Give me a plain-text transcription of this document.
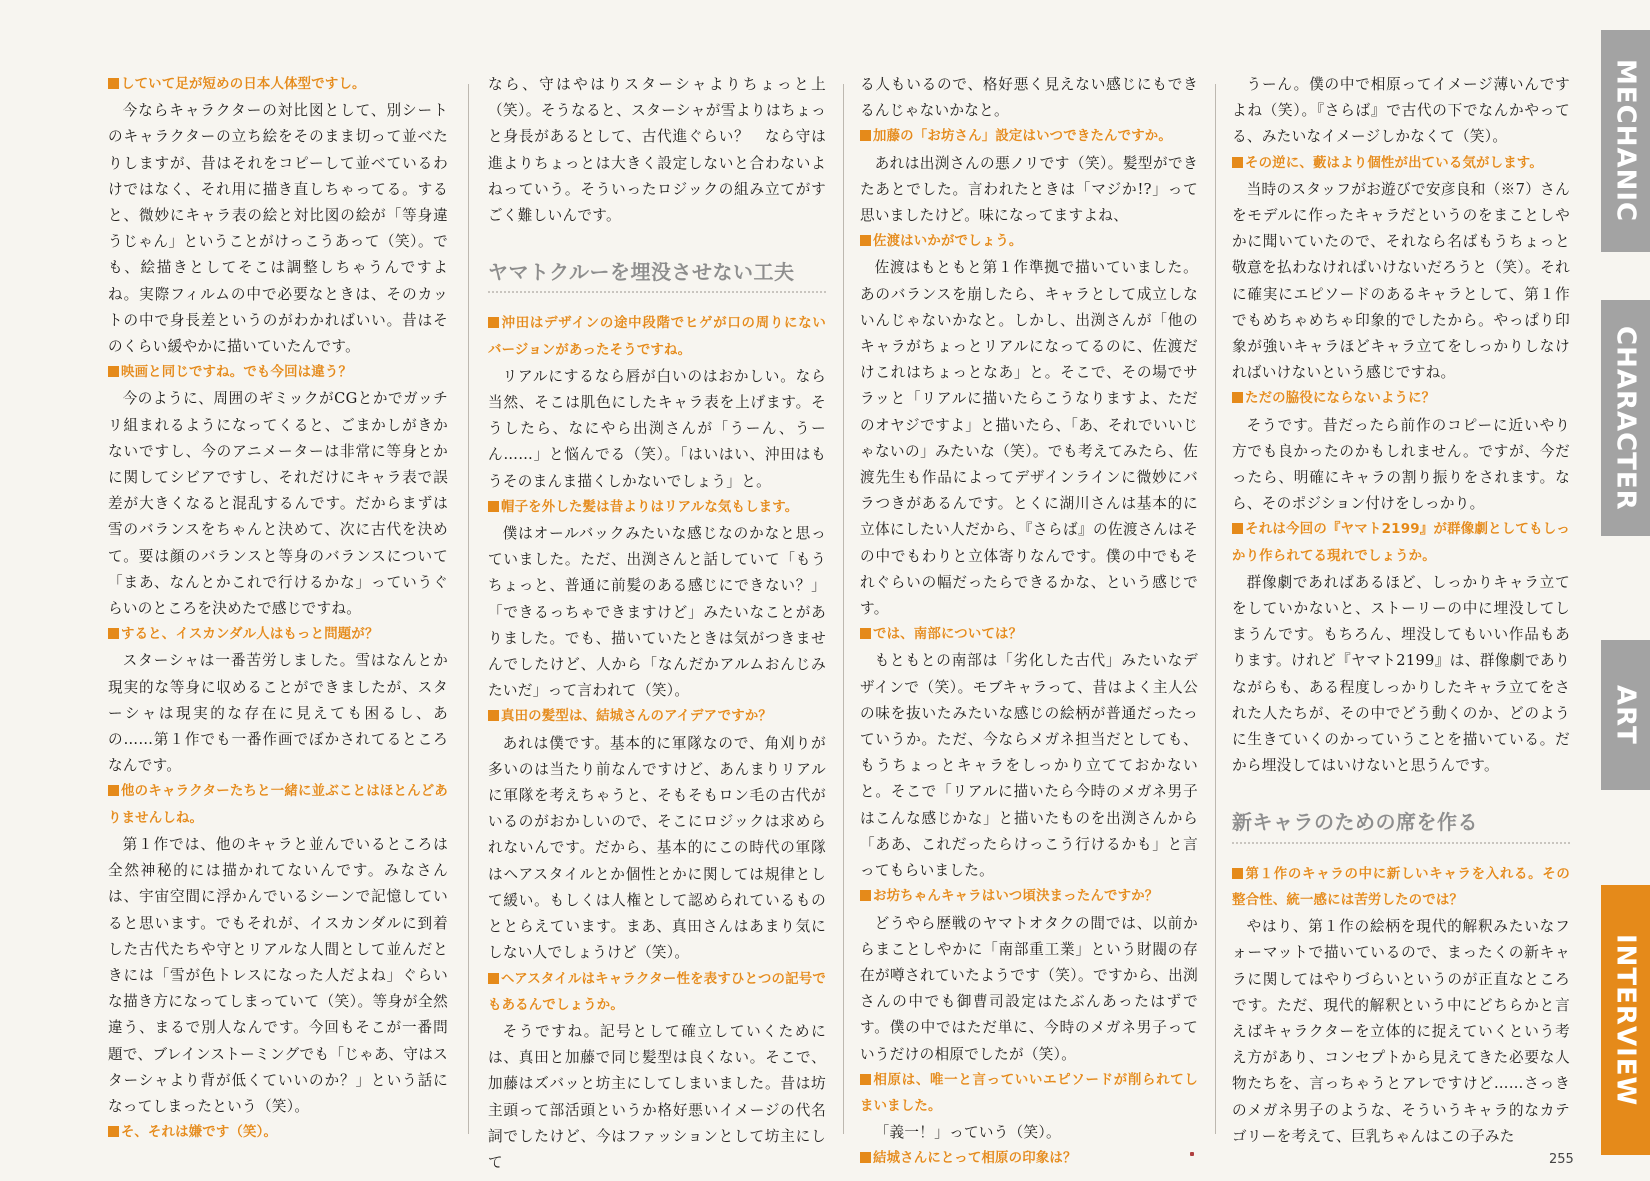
していて足が短めの日本人体型ですし。

今ならキャラクターの対比図として、別シートのキャラクターの立ち絵をそのまま切って並べたりしますが、昔はそれをコピーして並べているわけではなく、それ用に描き直しちゃってる。すると、微妙にキャラ表の絵と対比図の絵が「等身違うじゃん」ということがけっこうあって（笑）。でも、絵描きとしてそこは調整しちゃうんですよね。実際フィルムの中で必要なときは、そのカットの中で身長差というのがわかればいい。昔はそのくらい緩やかに描いていたんです。

映画と同じですね。でも今回は違う？

今のように、周囲のギミックがCGとかでガッチリ組まれるようになってくると、ごまかしがきかないですし、今のアニメーターは非常に等身とかに関してシビアですし、それだけにキャラ表で誤差が大きくなると混乱するんです。だからまずは雪のバランスをちゃんと決めて、次に古代を決めて。要は顔のバランスと等身のバランスについて「まあ、なんとかこれで行けるかな」っていうぐらいのところを決めたで感じですね。

すると、イスカンダル人はもっと問題が？

スターシャは一番苦労しました。雪はなんとか現実的な等身に収めることができましたが、スターシャは現実的な存在に見えても困るし、あの……第１作でも一番作画でぼかされてるところなんです。

他のキャラクターたちと一緒に並ぶことはほとんどありませんしね。

第１作では、他のキャラと並んでいるところは全然神秘的には描かれてないんです。みなさんは、宇宙空間に浮かんでいるシーンで記憶していると思います。でもそれが、イスカンダルに到着した古代たちや守とリアルな人間として並んだときには「雪が色トレスになった人だよね」ぐらいな描き方になってしまっていて（笑）。等身が全然違う、まるで別人なんです。今回もそこが一番問題で、ブレインストーミングでも「じゃあ、守はスターシャより背が低くていいのか？」という話になってしまったという（笑）。

そ、それは嫌です（笑）。

なら、守はやはりスターシャよりちょっと上（笑）。そうなると、スターシャが雪よりはちょっと身長があるとして、古代進ぐらい？　なら守は進よりちょっとは大きく設定しないと合わないよねっていう。そういったロジックの組み立てがすごく難しいんです。

ヤマトクルーを埋没させない工夫

沖田はデザインの途中段階でヒゲが口の周りにないバージョンがあったそうですね。

リアルにするなら唇が白いのはおかしい。なら当然、そこは肌色にしたキャラ表を上げます。そうしたら、なにやら出渕さんが「うーん、うーん……」と悩んでる（笑）。「はいはい、沖田はもうそのまんま描くしかないでしょう」と。

帽子を外した髪は昔よりはリアルな気もします。

僕はオールバックみたいな感じなのかなと思っていました。ただ、出渕さんと話していて「もうちょっと、普通に前髪のある感じにできない？」「できるっちゃできますけど」みたいなことがありました。でも、描いていたときは気がつきませんでしたけど、人から「なんだかアルムおんじみたいだ」って言われて（笑）。

真田の髪型は、結城さんのアイデアですか？

あれは僕です。基本的に軍隊なので、角刈りが多いのは当たり前なんですけど、あんまりリアルに軍隊を考えちゃうと、そもそもロン毛の古代がいるのがおかしいので、そこにロジックは求められないんです。だから、基本的にこの時代の軍隊はヘアスタイルとか個性とかに関しては規律として緩い。もしくは人権として認められているものととらえています。まあ、真田さんはあまり気にしない人でしょうけど（笑）。

ヘアスタイルはキャラクター性を表すひとつの記号でもあるんでしょうか。

そうですね。記号として確立していくためには、真田と加藤で同じ髪型は良くない。そこで、加藤はズバッと坊主にしてしまいました。昔は坊主頭って部活頭というか格好悪いイメージの代名詞でしたけど、今はファッションとして坊主にして

る人もいるので、格好悪く見えない感じにもできるんじゃないかなと。

加藤の「お坊さん」設定はいつできたんですか。

あれは出渕さんの悪ノリです（笑）。髪型ができたあとでした。言われたときは「マジか!?」って思いましたけど。味になってますよね、

佐渡はいかがでしょう。

佐渡はもともと第１作準拠で描いていました。あのバランスを崩したら、キャラとして成立しないんじゃないかなと。しかし、出渕さんが「他のキャラがちょっとリアルになってるのに、佐渡だけこれはちょっとなあ」と。そこで、その場でサラッと「リアルに描いたらこうなりますよ、ただのオヤジですよ」と描いたら、「あ、それでいいじゃないの」みたいな（笑）。でも考えてみたら、佐渡先生も作品によってデザインラインに微妙にバラつきがあるんです。とくに湖川さんは基本的に立体にしたい人だから、『さらば』の佐渡さんはその中でもわりと立体寄りなんです。僕の中でもそれぐらいの幅だったらできるかな、という感じです。

では、南部については？

もともとの南部は「劣化した古代」みたいなデザインで（笑）。モブキャラって、昔はよく主人公の味を抜いたみたいな感じの絵柄が普通だったっていうか。ただ、今ならメガネ担当だとしても、もうちょっとキャラをしっかり立てておかないと。そこで「リアルに描いたら今時のメガネ男子はこんな感じかな」と描いたものを出渕さんから「ああ、これだったらけっこう行けるかも」と言ってもらいました。

お坊ちゃんキャラはいつ頃決まったんですか？

どうやら歴戦のヤマトオタクの間では、以前からまことしやかに「南部重工業」という財閥の存在が噂されていたようです（笑）。ですから、出渕さんの中でも御曹司設定はたぶんあったはずです。僕の中ではただ単に、今時のメガネ男子っていうだけの相原でしたが（笑）。

相原は、唯一と言っていいエピソードが削られてしまいました。

「義一！」っていう（笑）。

結城さんにとって相原の印象は？

うーん。僕の中で相原ってイメージ薄いんですよね（笑）。『さらば』で古代の下でなんかやってる、みたいなイメージしかなくて（笑）。

その逆に、藪はより個性が出ている気がします。

当時のスタッフがお遊びで安彦良和（※7）さんをモデルに作ったキャラだというのをまことしやかに聞いていたので、それなら名ばもうちょっと敬意を払わなければいけないだろうと（笑）。それに確実にエピソードのあるキャラとして、第１作でもめちゃめちゃ印象的でしたから。やっぱり印象が強いキャラほどキャラ立てをしっかりしなければいけないという感じですね。

ただの脇役にならないように？

そうです。昔だったら前作のコピーに近いやり方でも良かったのかもしれません。ですが、今だったら、明確にキャラの割り振りをされます。なら、そのポジション付けをしっかり。

それは今回の『ヤマト2199』が群像劇としてもしっかり作られてる現れでしょうか。

群像劇であればあるほど、しっかりキャラ立てをしていかないと、ストーリーの中に埋没してしまうんです。もちろん、埋没してもいい作品もあります。けれど『ヤマト2199』は、群像劇でありながらも、ある程度しっかりしたキャラ立てをされた人たちが、その中でどう動くのか、どのように生きていくのかっていうことを描いている。だから埋没してはいけないと思うんです。

新キャラのための席を作る

第１作のキャラの中に新しいキャラを入れる。その整合性、統一感には苦労したのでは？

やはり、第１作の絵柄を現代的解釈みたいなフォーマットで描いているので、まったくの新キャラに関してはやりづらいというのが正直なところです。ただ、現代的解釈という中にどちらかと言えばキャラクターを立体的に捉えていくという考え方があり、コンセプトから見えてきた必要な人物たちを、言っちゃうとアレですけど……さっきのメガネ男子のような、そういうキャラ的なカテゴリーを考えて、巨乳ちゃんはこの子みた

MECHANIC
CHARACTER
ART
INTERVIEW
255
